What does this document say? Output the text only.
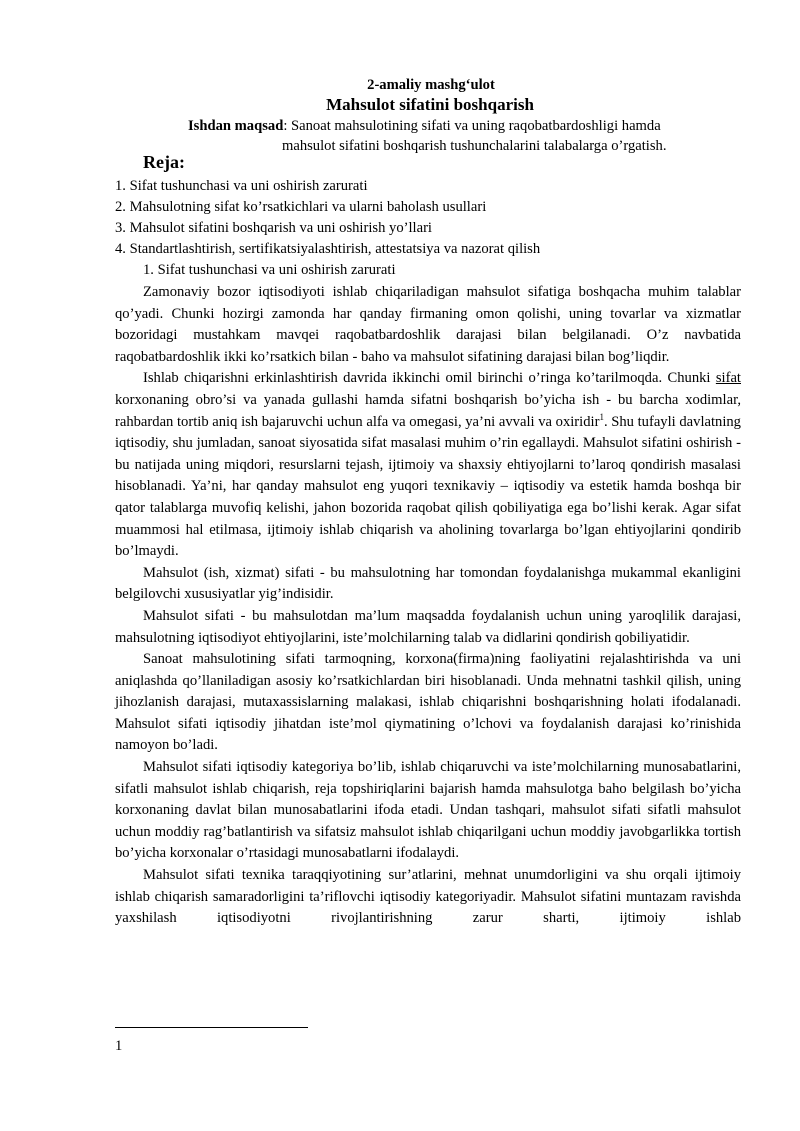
2-amaliy mashg‘ulot
Mahsulot sifatini boshqarish
Ishdan maqsad: Sanoat mahsulotining sifati va uning raqobatbardoshligi hamda
mahsulot sifatini boshqarish tushunchalarini talabalarga o’rgatish.
Reja:
1. Sifat tushunchasi va uni oshirish zarurati
2. Mahsulotning sifat ko’rsatkichlari va ularni baholash usullari
3. Mahsulot sifatini boshqarish va uni oshirish yo’llari
4. Standartlashtirish, sertifikatsiyalashtirish, attestatsiya va nazorat qilish
1. Sifat tushunchasi va uni oshirish zarurati

Zamonaviy bozor iqtisodiyoti ishlab chiqariladigan mahsulot sifatiga boshqacha muhim talablar qo’yadi. Chunki hozirgi zamonda har qanday firmaning omon qolishi, uning tovarlar va xizmatlar bozoridagi mustahkam mavqei raqobatbardoshlik darajasi bilan belgilanadi. O’z navbatida raqobatbardoshlik ikki ko’rsatkich bilan - baho va mahsulot sifatining darajasi bilan bog’liqdir.

Ishlab chiqarishni erkinlashtirish davrida ikkinchi omil birinchi o’ringa ko’tarilmoqda. Chunki sifat korxonaning obro’si va yanada gullashi hamda sifatni boshqarish bo’yicha ish - bu barcha xodimlar, rahbardan tortib aniq ish bajaruvchi uchun alfa va omegasi, ya’ni avvali va oxiridir$^1$. Shu tufayli davlatning iqtisodiy, shu jumladan, sanoat siyosatida sifat masalasi muhim o’rin egallaydi. Mahsulot sifatini oshirish - bu natijada uning miqdori, resurslarni tejash, ijtimoiy va shaxsiy ehtiyojlarni to’laroq qondirish masalasi hisoblanadi. Ya’ni, har qanday mahsulot eng yuqori texnikaviy – iqtisodiy va estetik hamda boshqa bir qator talablarga muvofiq kelishi, jahon bozorida raqobat qilish qobiliyatiga ega bo’lishi kerak. Agar sifat muammosi hal etilmasa, ijtimoiy ishlab chiqarish va aholining tovarlarga bo’lgan ehtiyojlarini qondirib bo’lmaydi.

Mahsulot (ish, xizmat) sifati - bu mahsulotning har tomondan foydalanishga mukammal ekanligini belgilovchi xususiyatlar yig’indisidir.

Mahsulot sifati - bu mahsulotdan ma’lum maqsadda foydalanish uchun uning yaroqlilik darajasi, mahsulotning iqtisodiyot ehtiyojlarini, iste’molchilarning talab va didlarini qondirish qobiliyatidir.

Sanoat mahsulotining sifati tarmoqning, korxona(firma)ning faoliyatini rejalashtirishda va uni aniqlashda qo’llaniladigan asosiy ko’rsatkichlardan biri hisoblanadi. Unda mehnatni tashkil qilish, uning jihozlanish darajasi, mutaxassislarning malakasi, ishlab chiqarishni boshqarishning holati ifodalanadi. Mahsulot sifati iqtisodiy jihatdan iste’mol qiymatining o’lchovi va foydalanish darajasi ko’rinishida namoyon bo’ladi.

Mahsulot sifati iqtisodiy kategoriya bo’lib, ishlab chiqaruvchi va iste’molchilarning munosabatlarini, sifatli mahsulot ishlab chiqarish, reja topshiriqlarini bajarish hamda mahsulotga baho belgilash bo’yicha korxonaning davlat bilan munosabatlarini ifoda etadi. Undan tashqari, mahsulot sifati sifatli mahsulot uchun moddiy rag’batlantirish va sifatsiz mahsulot ishlab chiqarilgani uchun moddiy javobgarlikka tortish bo’yicha korxonalar o’rtasidagi munosabatlarni ifodalaydi.

Mahsulot sifati texnika taraqqiyotining sur’atlarini, mehnat unumdorligini va shu orqali ijtimoiy ishlab chiqarish samaradorligini ta’riflovchi iqtisodiy kategoriyadir. Mahsulot sifatini muntazam ravishda yaxshilash iqtisodiyotni rivojlantirishning zarur sharti, ijtimoiy ishlab

1
